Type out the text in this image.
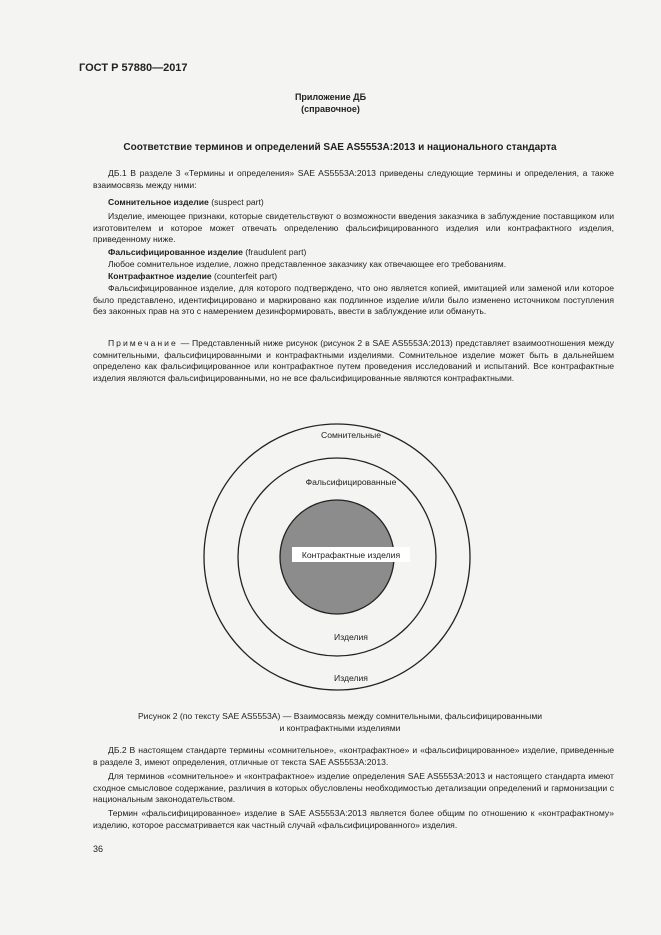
ГОСТ Р 57880—2017
Приложение ДБ
(справочное)
Соответствие терминов и определений SAE AS5553A:2013 и национального стандарта
ДБ.1 В разделе 3 «Термины и определения» SAE AS5553A:2013 приведены следующие термины и определения, а также взаимосвязь между ними:
Сомнительное изделие (suspect part)
Изделие, имеющее признаки, которые свидетельствуют о возможности введения заказчика в заблуждение поставщиком или изготовителем и которое может отвечать определению фальсифицированного изделия или контрафактного изделия, приведенному ниже.
Фальсифицированное изделие (fraudulent part)
Любое сомнительное изделие, ложно представленное заказчику как отвечающее его требованиям.
Контрафактное изделие (counterfeit part)
Фальсифицированное изделие, для которого подтверждено, что оно является копией, имитацией или заменой или которое было представлено, идентифицировано и маркировано как подлинное изделие и/или было изменено источником поступления без законных прав на это с намерением дезинформировать, ввести в заблуждение или обмануть.
Примечание — Представленный ниже рисунок (рисунок 2 в SAE AS5553A:2013) представляет взаимоотношения между сомнительными, фальсифицированными и контрафактными изделиями. Сомнительное изделие может быть в дальнейшем определено как фальсифицированное или контрафактное путем проведения исследований и испытаний. Все контрафактные изделия являются фальсифицированными, но не все фальсифицированные являются контрафактными.
Сомнительные
Фальсифицированные
Контрафактные изделия
Изделия
Изделия
Рисунок 2 (по тексту SAE AS5553A) — Взаимосвязь между сомнительными, фальсифицированными
и контрафактными изделиями
ДБ.2 В настоящем стандарте термины «сомнительное», «контрафактное» и «фальсифицированное» изделие, приведенные в разделе 3, имеют определения, отличные от текста SAE AS5553A:2013.
Для терминов «сомнительное» и «контрафактное» изделие определения SAE AS5553A:2013 и настоящего стандарта имеют сходное смысловое содержание, различия в которых обусловлены необходимостью детализации определений и гармонизации с национальным законодательством.
Термин «фальсифицированное» изделие в SAE AS5553A:2013 является более общим по отношению к «контрафактному» изделию, которое рассматривается как частный случай «фальсифицированного» изделия.
36
